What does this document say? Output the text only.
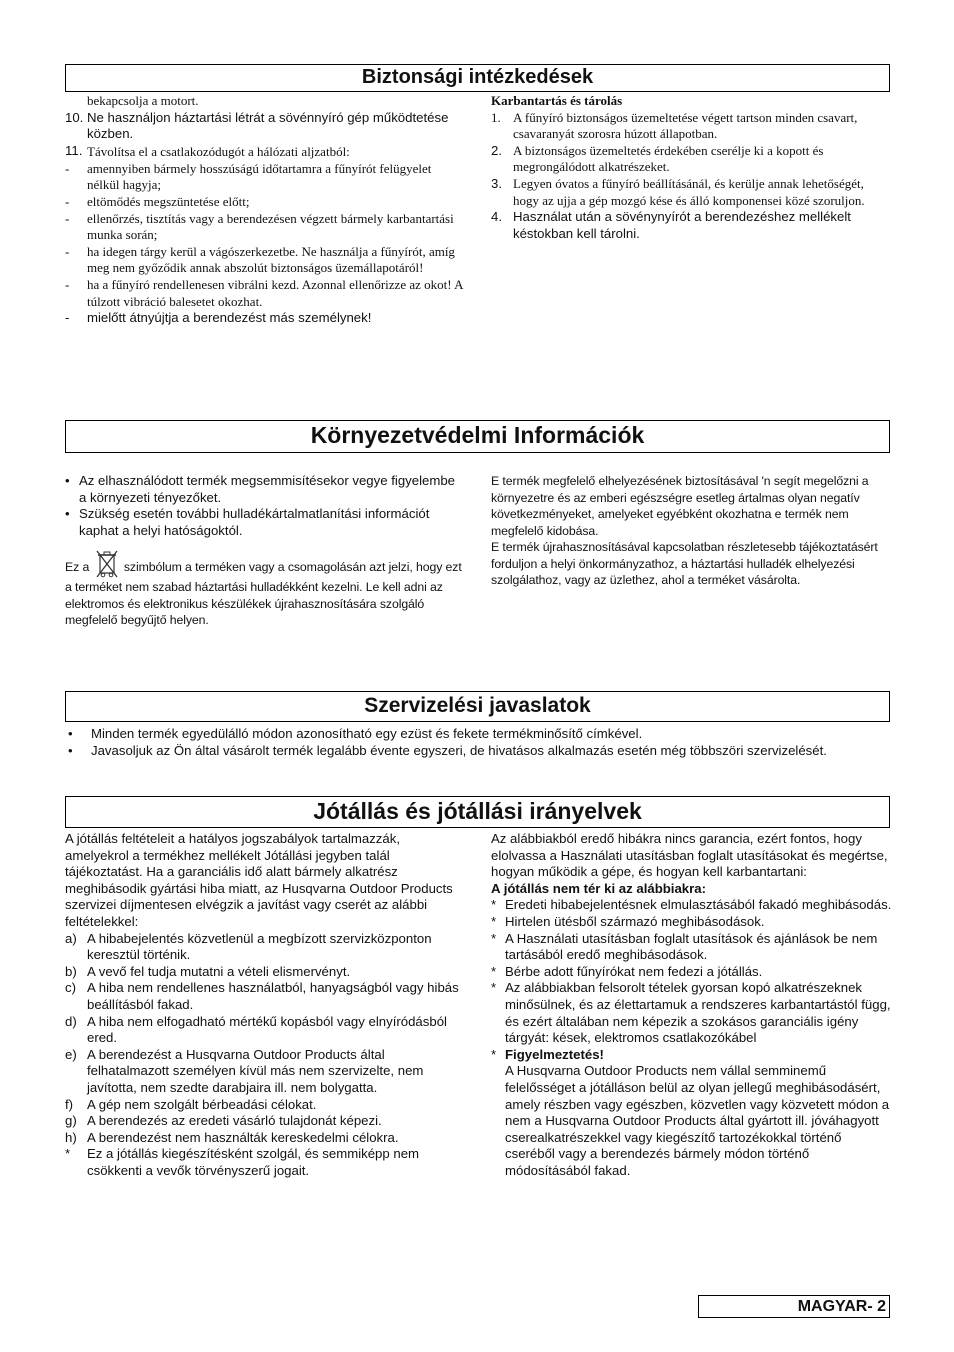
Biztonsági intézkedések
bekapcsolja a motort.
10. Ne használjon háztartási létrát a sövénnyíró gép működtetése közben.
11. Távolítsa el a csatlakozódugót a hálózati aljzatból:
- amennyiben bármely hosszúságú időtartamra a fűnyírót felügyelet nélkül hagyja;
- eltömődés megszüntetése előtt;
- ellenőrzés, tisztítás vagy a berendezésen végzett bármely karbantartási munka során;
- ha idegen tárgy kerül a vágószerkezetbe. Ne használja a fűnyírót, amíg meg nem győződik annak abszolút biztonságos üzemállapotáról!
- ha a fűnyíró rendellenesen vibrálni kezd. Azonnal ellenőrizze az okot! A túlzott vibráció balesetet okozhat.
- mielőtt átnyújtja a berendezést más személynek!
Karbantartás és tárolás
1. A fűnyíró biztonságos üzemeltetése végett tartson minden csavart, csavaranyát szorosra húzott állapotban.
2. A biztonságos üzemeltetés érdekében cserélje ki a kopott és megrongálódott alkatrészeket.
3. Legyen óvatos a fűnyíró beállításánál, és kerülje annak lehetőségét, hogy az ujja a gép mozgó kése és álló komponensei közé szoruljon.
4. Használat után a sövénynyírót a berendezéshez mellékelt késtokban kell tárolni.
Környezetvédelmi Információk
• Az elhasználódott termék megsemmisítésekor vegye figyelembe a környezeti tényezőket.
• Szükség esetén további hulladékártalmatlanítási információt kaphat a helyi hatóságoktól.
Ez a	szimbólum a terméken vagy a csomagolásán azt jelzi, hogy ezt a terméket nem szabad háztartási hulladékként kezelni. Le kell adni az elektromos és elektronikus készülékek újrahasznosítására szolgáló megfelelő begyűjtő helyen.
E termék megfelelő elhelyezésének biztosításával 'n segít megelőzni a környezetre és az emberi egészségre esetleg ártalmas olyan negatív következményeket, amelyeket egyébként okozhatna e termék nem megfelelő kidobása.
E termék újrahasznosításával kapcsolatban részletesebb tájékoztatásért forduljon a helyi önkormányzathoz, a háztartási hulladék elhelyezési szolgálathoz, vagy az üzlethez, ahol a terméket vásárolta.
Szervizelési javaslatok
• Minden termék egyedülálló módon azonosítható egy ezüst és fekete termékminősítő címkével.
• Javasoljuk az Ön által vásárolt termék legalább évente egyszeri, de hivatásos alkalmazás esetén még többszöri szervizelését.
Jótállás és jótállási irányelvek
A jótállás feltételeit a hatályos jogszabályok tartalmazzák, amelyekrol a termékhez mellékelt Jótállási jegyben talál tájékoztatást. Ha a garanciális idő alatt bármely alkatrész meghibásodik gyártási hiba miatt, az Husqvarna Outdoor Products szervizei díjmentesen elvégzik a javítást vagy cserét az alábbi feltételekkel:
a) A hibabejelentés közvetlenül a megbízott szervizközponton keresztül történik.
b) A vevő fel tudja mutatni a vételi elismervényt.
c) A hiba nem rendellenes használatból, hanyagságból vagy hibás beállításból fakad.
d) A hiba nem elfogadható mértékű kopásból vagy elnyíródásból ered.
e) A berendezést a Husqvarna Outdoor Products által felhatalmazott személyen kívül más nem szervizelte, nem javította, nem szedte darabjaira ill. nem bolygatta.
f) A gép nem szolgált bérbeadási célokat.
g) A berendezés az eredeti vásárló tulajdonát képezi.
h) A berendezést nem használták kereskedelmi célokra.
* Ez a jótállás kiegészítésként szolgál, és semmiképp nem csökkenti a vevők törvényszerű jogait.
Az alábbiakból eredő hibákra nincs garancia, ezért fontos, hogy elolvassa a Használati utasításban foglalt utasításokat és megértse, hogyan működik a gépe, és hogyan kell karbantartani:
A jótállás nem tér ki az alábbiakra:
* Eredeti hibabejelentésnek elmulasztásából fakadó meghibásodás.
* Hirtelen ütésből származó meghibásodások.
* A Használati utasításban foglalt utasítások és ajánlások be nem tartásából eredő meghibásodások.
* Bérbe adott fűnyírókat nem fedezi a jótállás.
* Az alábbiakban felsorolt tételek gyorsan kopó alkatrészeknek minősülnek, és az élettartamuk a rendszeres karbantartástól függ, és ezért általában nem képezik a szokásos garanciális igény tárgyát: kések, elektromos csatlakozókábel
* Figyelmeztetés!
A Husqvarna Outdoor Products nem vállal semminemű felelősséget a jótálláson belül az olyan jellegű meghibásodásért, amely részben vagy egészben, közvetlen vagy közvetett módon a nem a Husqvarna Outdoor Products által gyártott ill. jóváhagyott cserealkatrészekkel vagy kiegészítő tartozékokkal történő cseréből vagy a berendezés bármely módon történő módosításából fakad.
MAGYAR- 2
